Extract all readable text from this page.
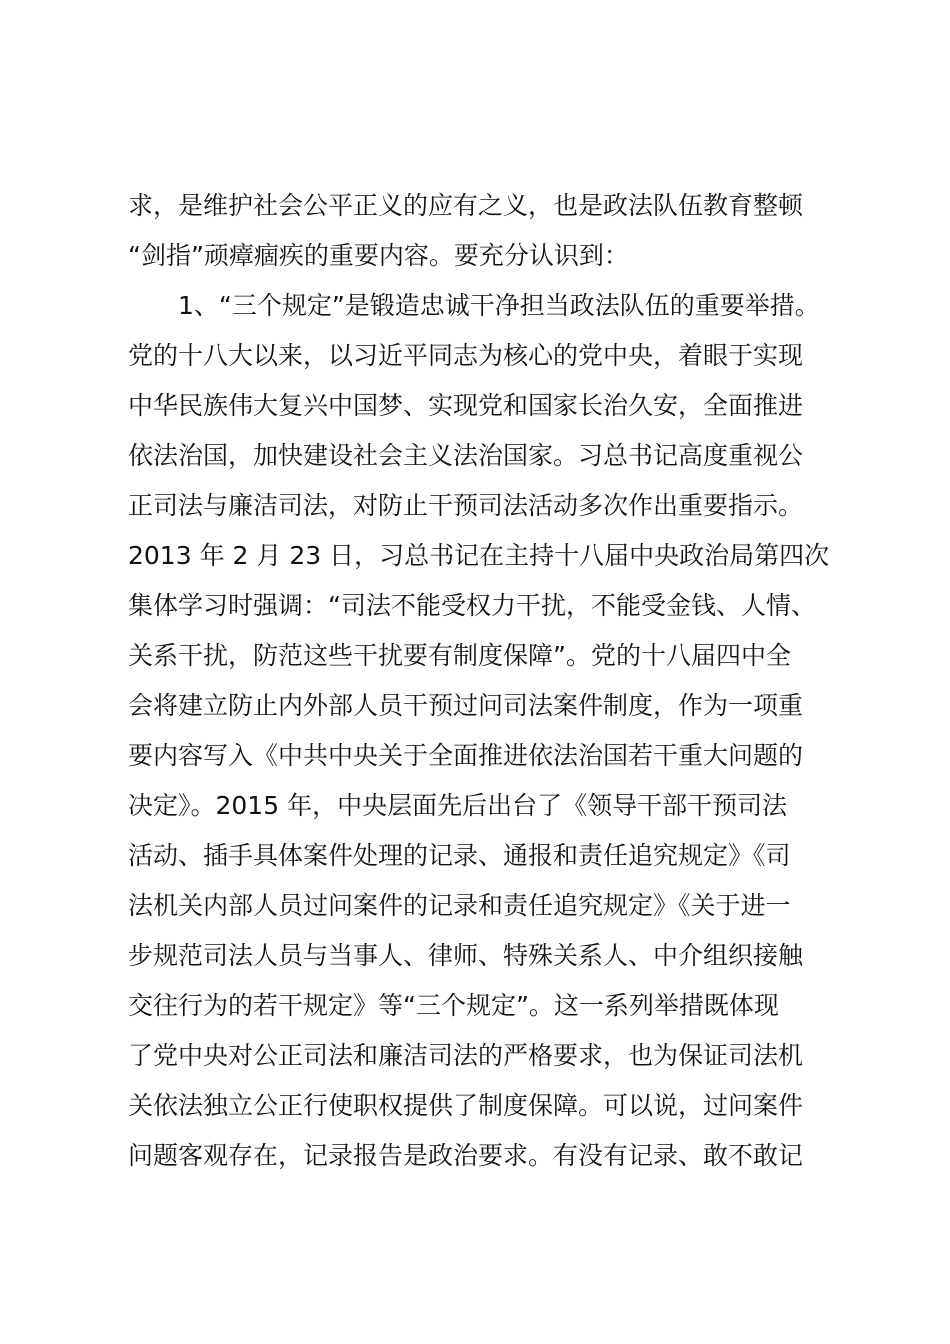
求，是维护社会公平正义的应有之义，也是政法队伍教育整顿
“剑指”顽瘴痼疾的重要内容。要充分认识到：
　　1、“三个规定”是锻造忠诚干净担当政法队伍的重要举措。
党的十八大以来，以习近平同志为核心的党中央，着眼于实现
中华民族伟大复兴中国梦、实现党和国家长治久安，全面推进
依法治国，加快建设社会主义法治国家。习总书记高度重视公
正司法与廉洁司法，对防止干预司法活动多次作出重要指示。
2013 年 2 月 23 日，习总书记在主持十八届中央政治局第四次
集体学习时强调：“司法不能受权力干扰，不能受金钱、人情、
关系干扰，防范这些干扰要有制度保障”。党的十八届四中全
会将建立防止内外部人员干预过问司法案件制度，作为一项重
要内容写入《中共中央关于全面推进依法治国若干重大问题的
决定》。2015 年，中央层面先后出台了《领导干部干预司法
活动、插手具体案件处理的记录、通报和责任追究规定》《司
法机关内部人员过问案件的记录和责任追究规定》《关于进一
步规范司法人员与当事人、律师、特殊关系人、中介组织接触
交往行为的若干规定》等“三个规定”。这一系列举措既体现
了党中央对公正司法和廉洁司法的严格要求，也为保证司法机
关依法独立公正行使职权提供了制度保障。可以说，过问案件
问题客观存在，记录报告是政治要求。有没有记录、敢不敢记
